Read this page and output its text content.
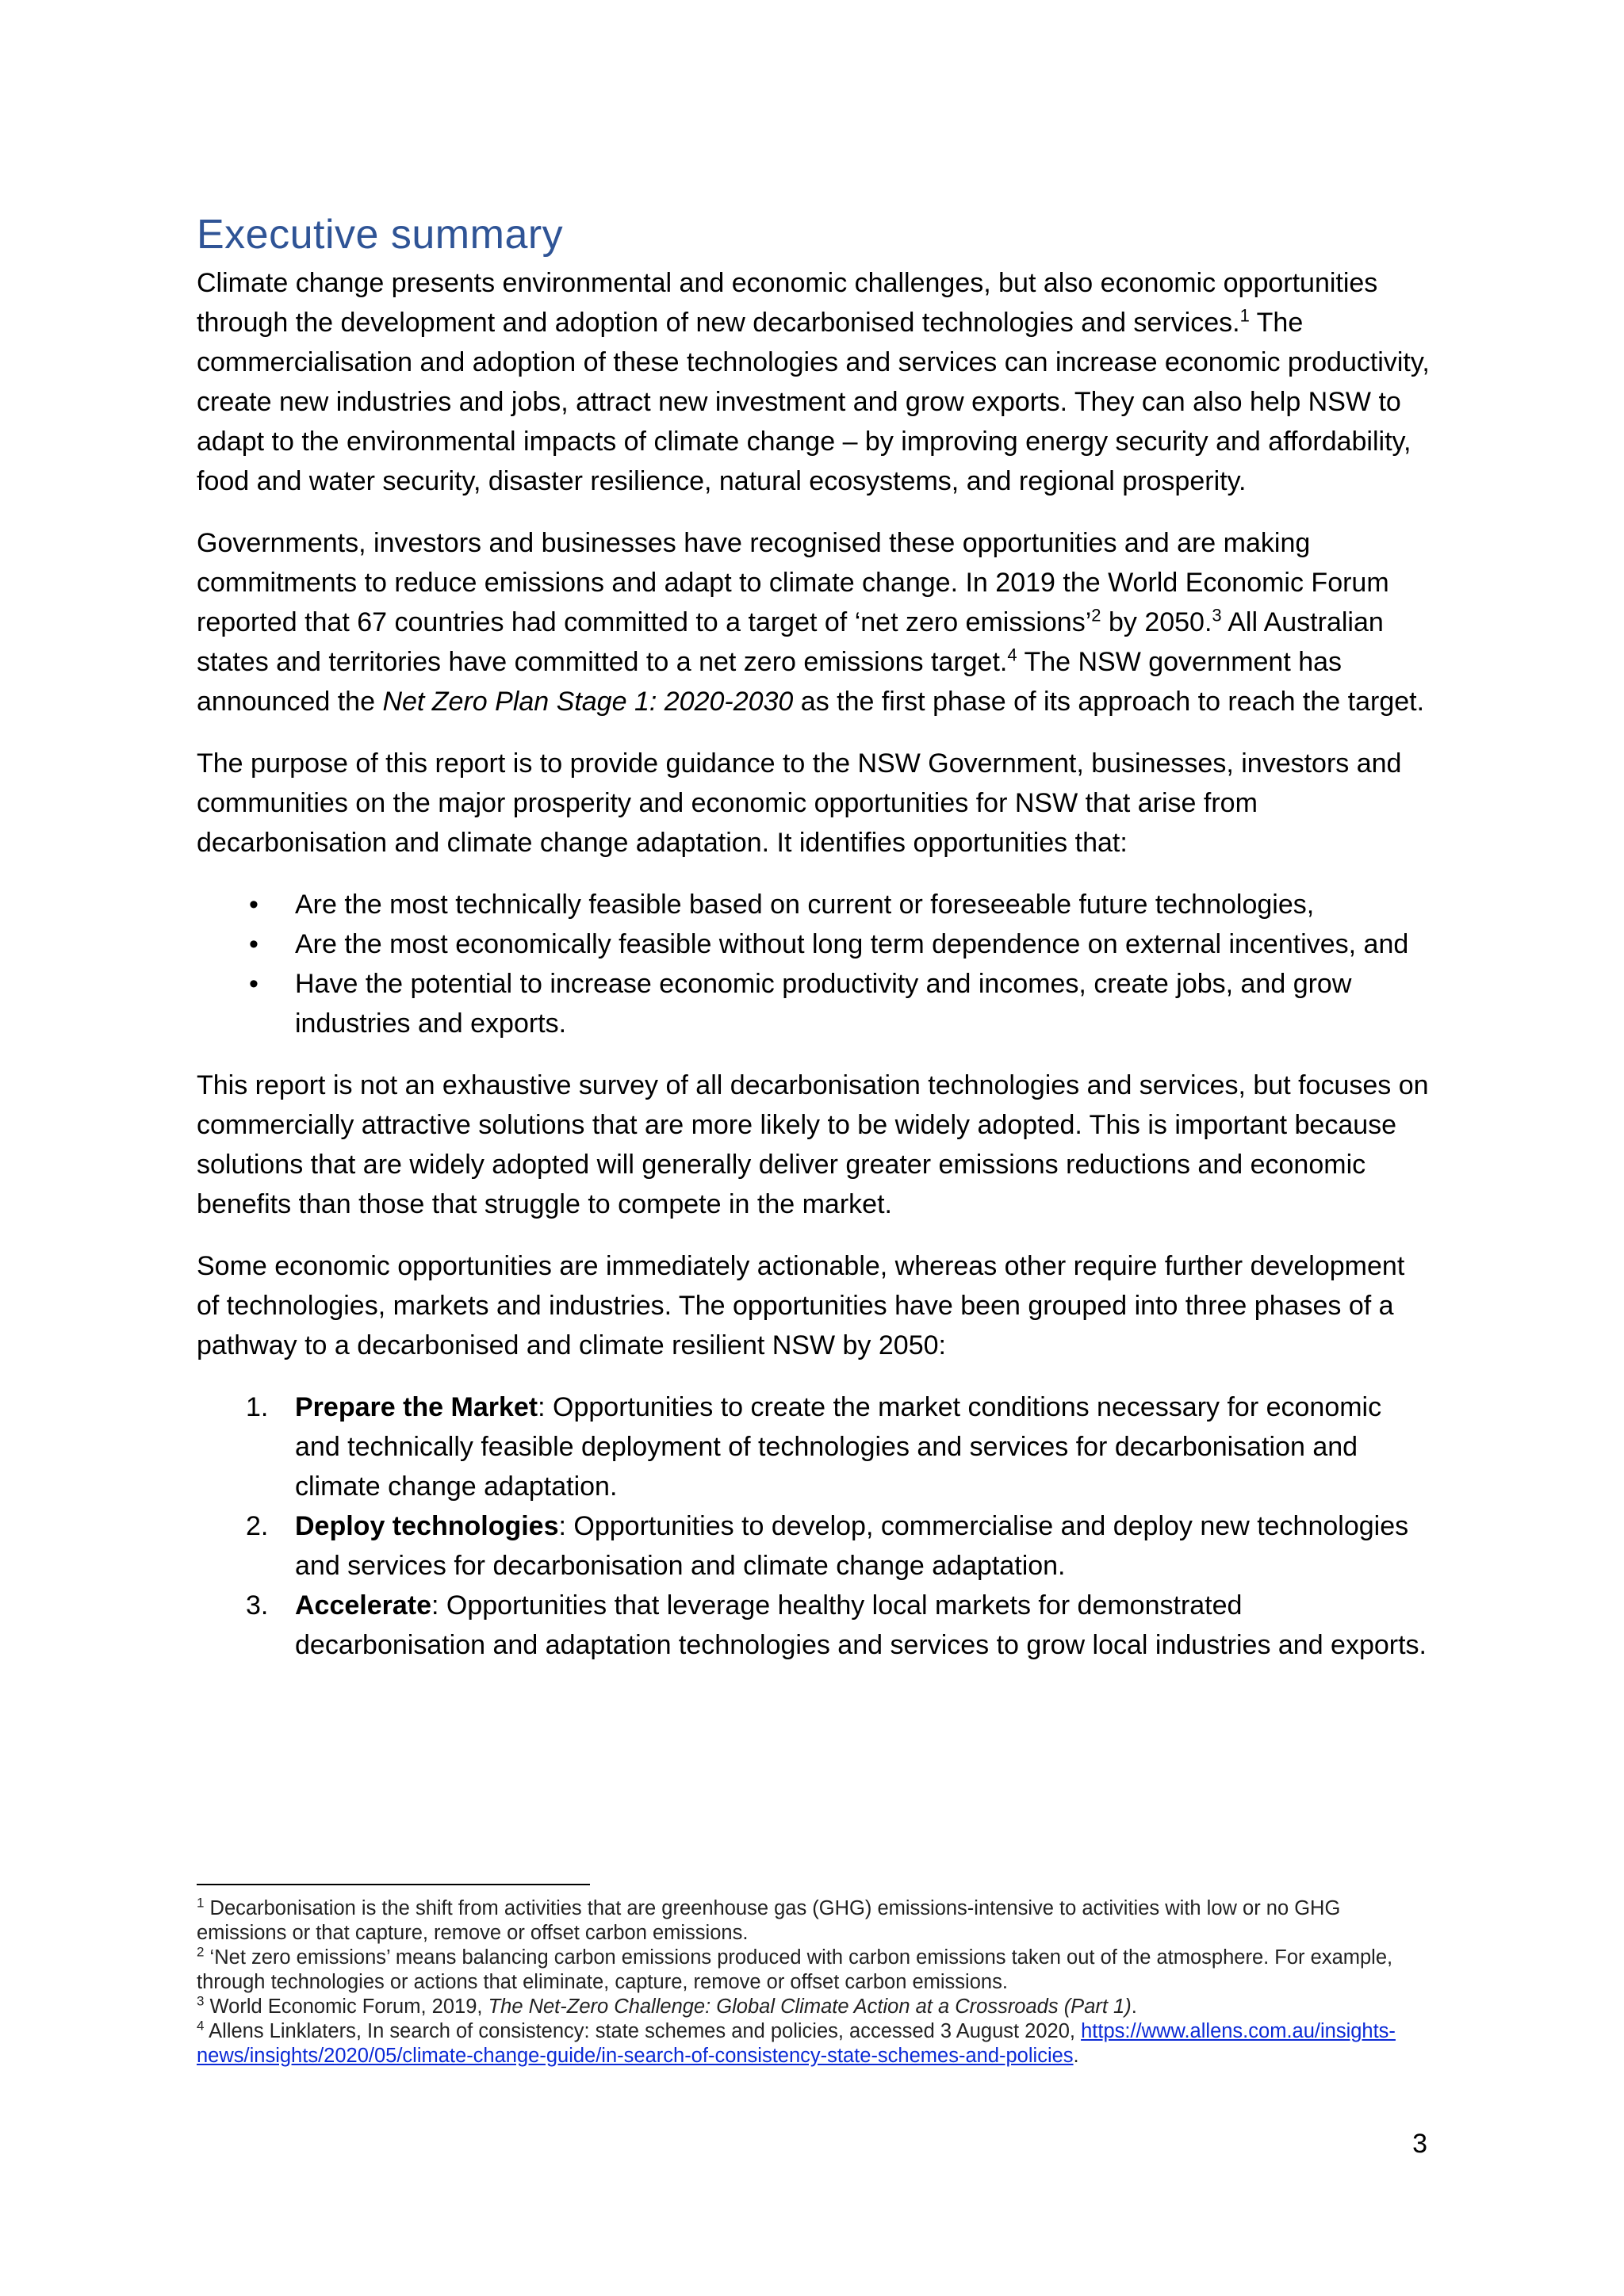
Executive summary

Climate change presents environmental and economic challenges, but also economic opportunities through the development and adoption of new decarbonised technologies and services.$^1$ The commercialisation and adoption of these technologies and services can increase economic productivity, create new industries and jobs, attract new investment and grow exports. They can also help NSW to adapt to the environmental impacts of climate change – by improving energy security and affordability, food and water security, disaster resilience, natural ecosystems, and regional prosperity.

Governments, investors and businesses have recognised these opportunities and are making commitments to reduce emissions and adapt to climate change. In 2019 the World Economic Forum reported that 67 countries had committed to a target of ‘net zero emissions’$^2$ by 2050.$^3$ All Australian states and territories have committed to a net zero emissions target.$^4$ The NSW government has announced the Net Zero Plan Stage 1: 2020-2030 as the first phase of its approach to reach the target.

The purpose of this report is to provide guidance to the NSW Government, businesses, investors and communities on the major prosperity and economic opportunities for NSW that arise from decarbonisation and climate change adaptation. It identifies opportunities that:

• Are the most technically feasible based on current or foreseeable future technologies,
• Are the most economically feasible without long term dependence on external incentives, and
• Have the potential to increase economic productivity and incomes, create jobs, and grow industries and exports.

This report is not an exhaustive survey of all decarbonisation technologies and services, but focuses on commercially attractive solutions that are more likely to be widely adopted. This is important because solutions that are widely adopted will generally deliver greater emissions reductions and economic benefits than those that struggle to compete in the market.

Some economic opportunities are immediately actionable, whereas other require further development of technologies, markets and industries. The opportunities have been grouped into three phases of a pathway to a decarbonised and climate resilient NSW by 2050:

1. Prepare the Market: Opportunities to create the market conditions necessary for economic and technically feasible deployment of technologies and services for decarbonisation and climate change adaptation.
2. Deploy technologies: Opportunities to develop, commercialise and deploy new technologies and services for decarbonisation and climate change adaptation.
3. Accelerate: Opportunities that leverage healthy local markets for demonstrated decarbonisation and adaptation technologies and services to grow local industries and exports.

$^1$ Decarbonisation is the shift from activities that are greenhouse gas (GHG) emissions-intensive to activities with low or no GHG emissions or that capture, remove or offset carbon emissions.

$^2$ ‘Net zero emissions’ means balancing carbon emissions produced with carbon emissions taken out of the atmosphere. For example, through technologies or actions that eliminate, capture, remove or offset carbon emissions.

$^3$ World Economic Forum, 2019, The Net-Zero Challenge: Global Climate Action at a Crossroads (Part 1).

$^4$ Allens Linklaters, In search of consistency: state schemes and policies, accessed 3 August 2020, https://www.allens.com.au/insights-news/insights/2020/05/climate-change-guide/in-search-of-consistency-state-schemes-and-policies.

3
